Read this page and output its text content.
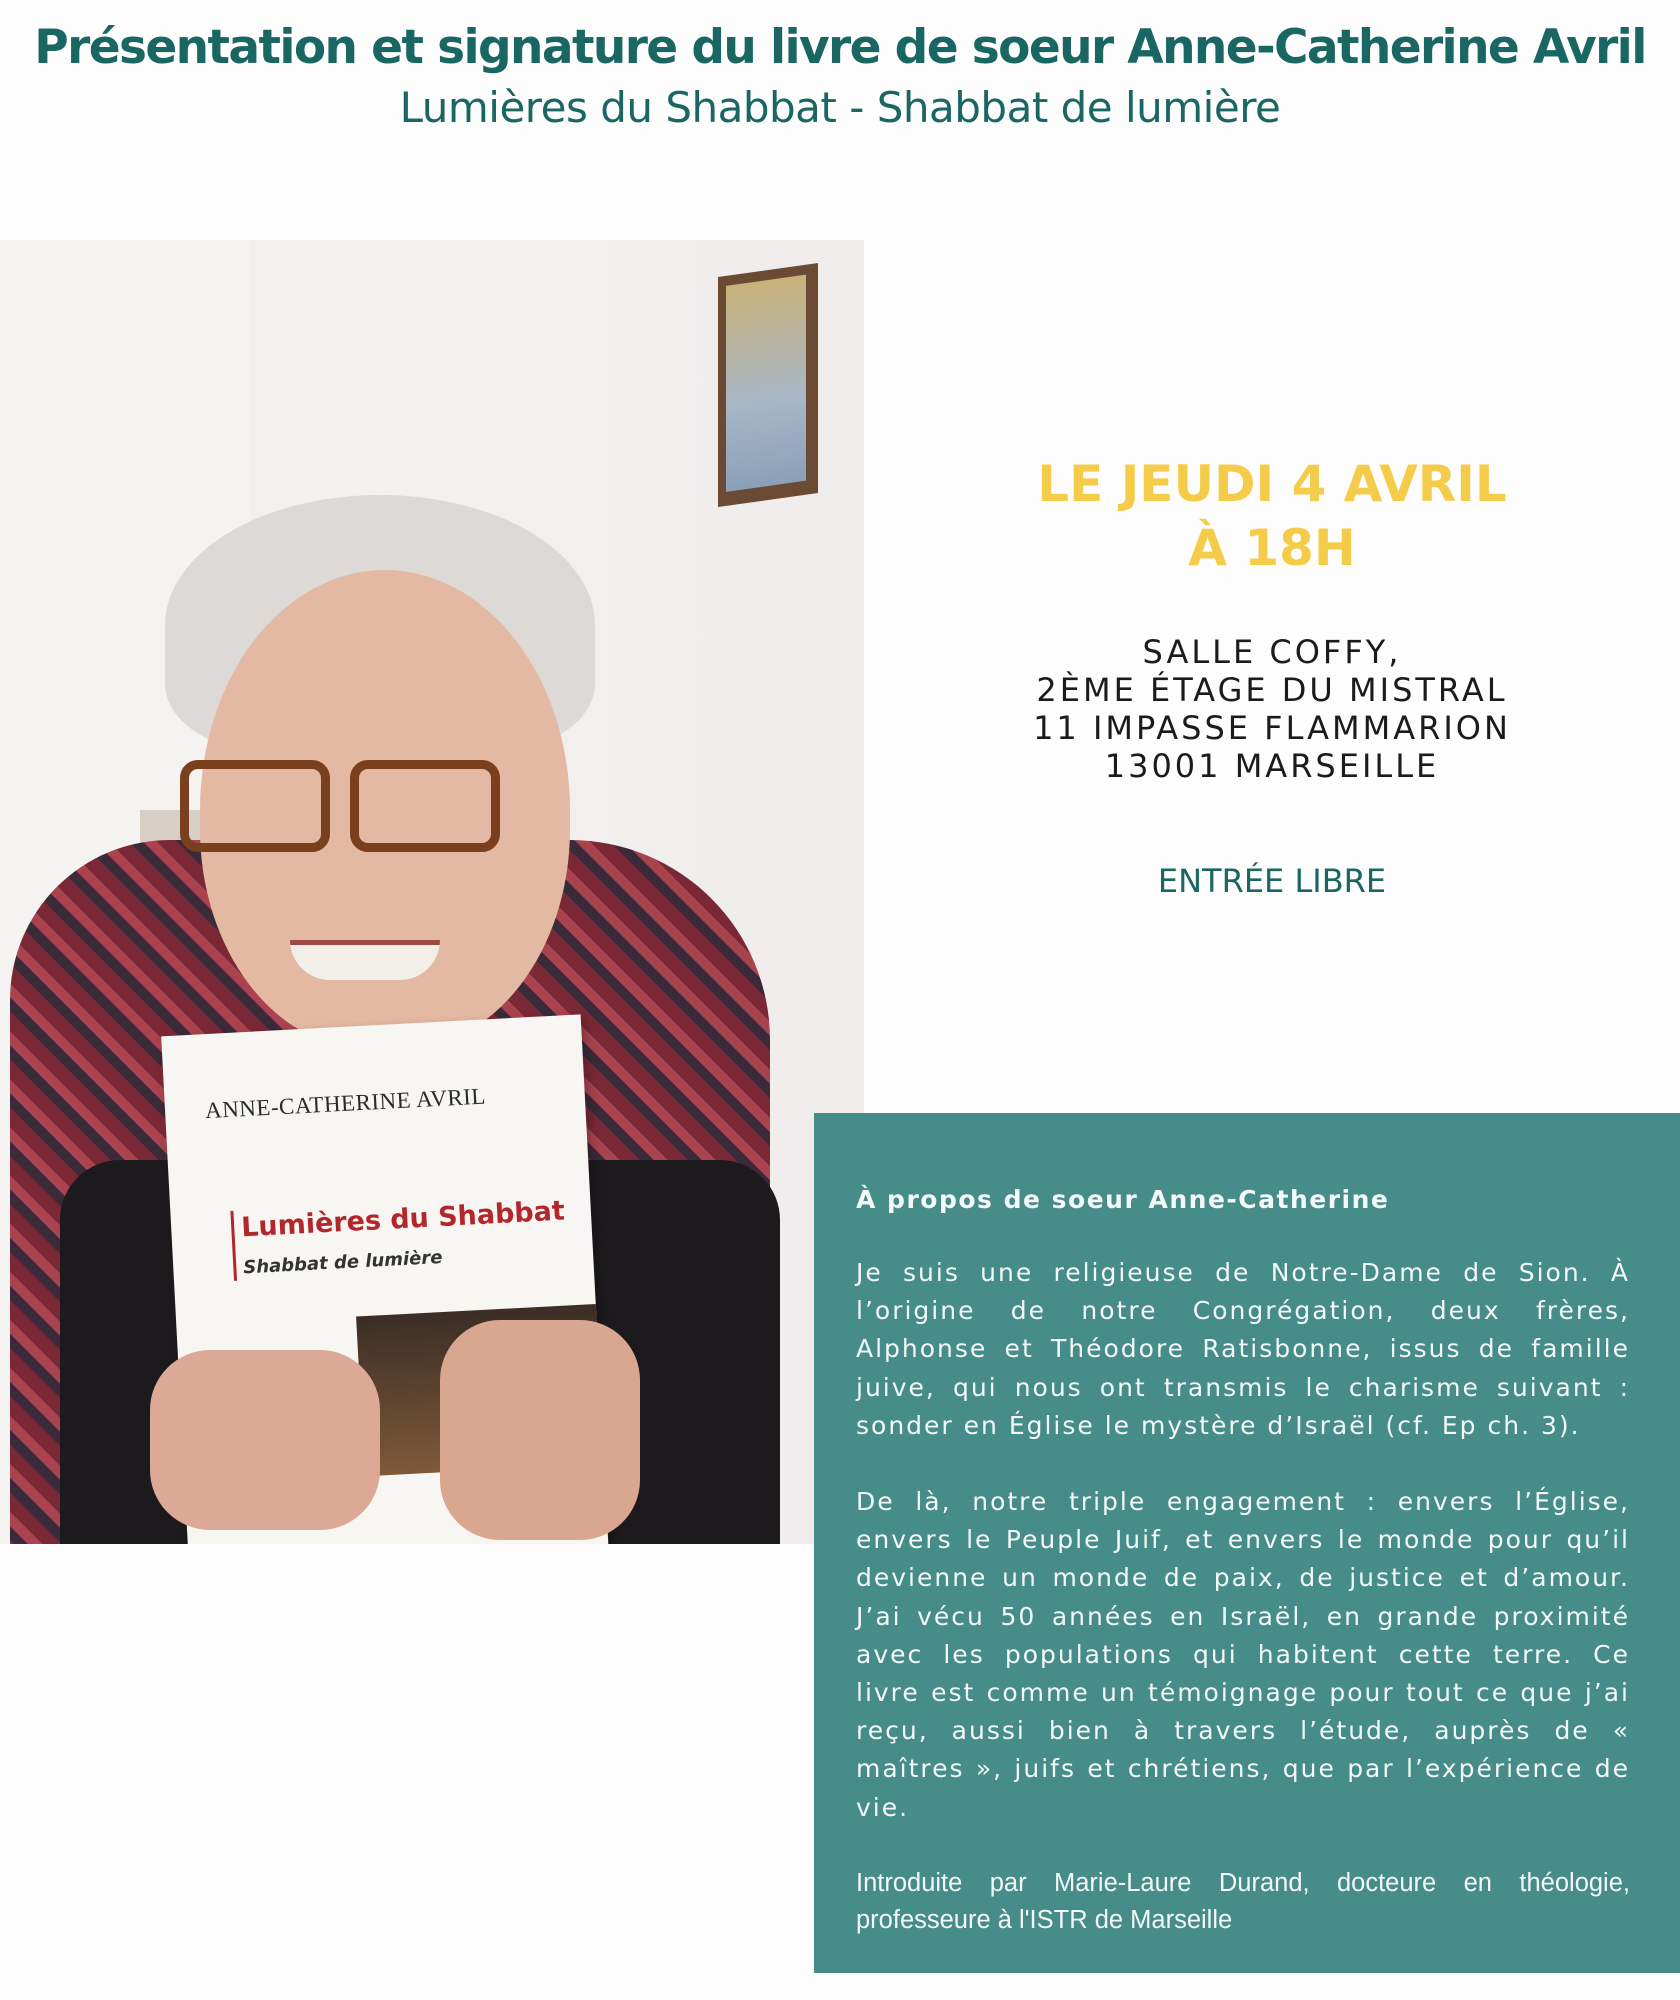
Présentation et signature du livre de soeur Anne-Catherine Avril
Lumières du Shabbat - Shabbat de lumière
ANNE-CATHERINE AVRIL
Lumières du Shabbat
Shabbat de lumière
LE JEUDI 4 AVRIL
À 18H
SALLE COFFY,
2ÈME ÉTAGE DU MISTRAL
11 IMPASSE FLAMMARION
13001 MARSEILLE
ENTRÉE LIBRE
À propos de soeur Anne-Catherine

Je suis une religieuse de Notre-Dame de Sion. À l’origine de notre Congrégation, deux frères, Alphonse et Théodore Ratisbonne, issus de famille juive, qui nous ont transmis le charisme suivant : sonder en Église le mystère d’Israël (cf. Ep ch. 3).

De là, notre triple engagement : envers l’Église, envers le Peuple Juif, et envers le monde pour qu’il devienne un monde de paix, de justice et d’amour. J’ai vécu 50 années en Israël, en grande proximité avec les populations qui habitent cette terre. Ce livre est comme un témoignage pour tout ce que j’ai reçu, aussi bien à travers l’étude, auprès de « maîtres », juifs et chrétiens, que par l’expérience de vie.

Introduite par Marie-Laure Durand, docteure en théologie, professeure à l'ISTR de Marseille
